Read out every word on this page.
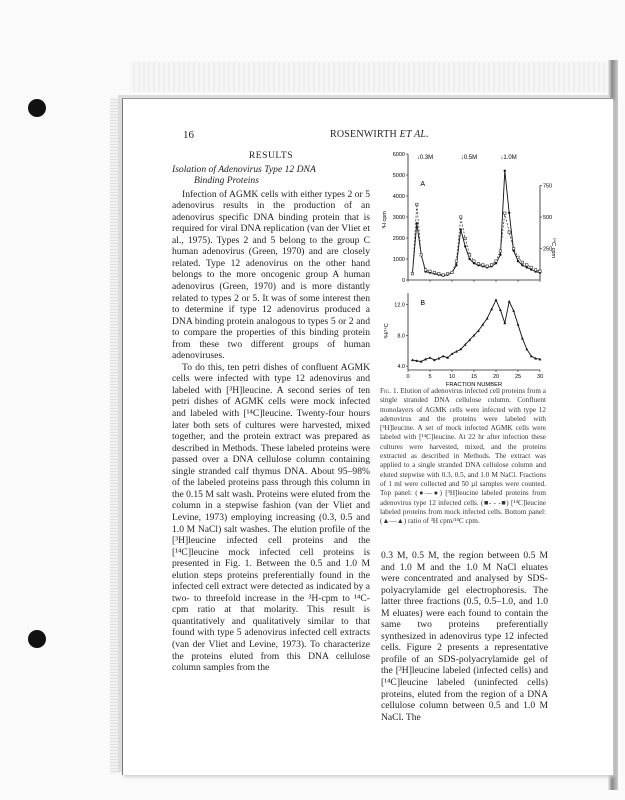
16	ROSENWIRTH ET AL.
RESULTS
Isolation of Adenovirus Type 12 DNA
Binding Proteins

Infection of AGMK cells with either types 2 or 5 adenovirus results in the production of an adenovirus specific DNA binding protein that is required for viral DNA replication (van der Vliet et al., 1975). Types 2 and 5 belong to the group C human adenovirus (Green, 1970) and are closely related. Type 12 adenovirus on the other hand belongs to the more oncogenic group A human adenovirus (Green, 1970) and is more distantly related to types 2 or 5. It was of some interest then to determine if type 12 adenovirus produced a DNA binding protein analogous to types 5 or 2 and to compare the properties of this binding protein from these two different groups of human adenoviruses.

To do this, ten petri dishes of confluent AGMK cells were infected with type 12 adenovirus and labeled with [³H]leucine. A second series of ten petri dishes of AGMK cells were mock infected and labeled with [¹⁴C]leucine. Twenty-four hours later both sets of cultures were harvested, mixed together, and the protein extract was prepared as described in Methods. These labeled proteins were passed over a DNA cellulose column containing single stranded calf thymus DNA. About 95–98% of the labeled proteins pass through this column in the 0.15 M salt wash. Proteins were eluted from the column in a stepwise fashion (van der Vliet and Levine, 1973) employing increasing (0.3, 0.5 and 1.0 M NaCl) salt washes. The elution profile of the [³H]leucine infected cell proteins and the [¹⁴C]leucine mock infected cell proteins is presented in Fig. 1. Between the 0.5 and 1.0 M elution steps proteins preferentially found in the infected cell extract were detected as indicated by a two- to threefold increase in the ³H-cpm to ¹⁴C-cpm ratio at that molarity. This result is quantitatively and qualitatively similar to that found with type 5 adenovirus infected cell extracts (van der Vliet and Levine, 1973). To characterize the proteins eluted from this DNA cellulose column samples from the

0
1000
2000
3000
4000
5000
6000
250
500
750
³H cpm
¹⁴C cpm
A
↓0.3M	↓0.5M	↓1.0M
4.0
8.0
12.0
0	5	10	15	20	25	30
³H/¹⁴C
B
FRACTION NUMBER
Fig. 1. Elution of adenovirus infected cell proteins from a single stranded DNA cellulose column. Confluent monolayers of AGMK cells were infected with type 12 adenovirus and the proteins were labeled with [³H]leucine. A set of mock infected AGMK cells were labeled with [¹⁴C]leucine. At 22 hr after infection these cultures were harvested, mixed, and the proteins extracted as described in Methods. The extract was applied to a single stranded DNA cellulose column and eluted stepwise with 0.3, 0.5, and 1.0 M NaCl. Fractions of 1 ml were collected and 50 µl samples were counted. Top panel: (●—●) [³H]leucine labeled proteins from adenovirus type 12 infected cells. (■- - -■) [¹⁴C]leucine labeled proteins from mock infected cells. Bottom panel: (▲—▲) ratio of ³H cpm/¹⁴C cpm.

0.3 M, 0.5 M, the region between 0.5 M and 1.0 M and the 1.0 M NaCl eluates were concentrated and analysed by SDS-polyacrylamide gel electrophoresis. The latter three fractions (0.5, 0.5–1.0, and 1.0 M eluates) were each found to contain the same two proteins preferentially synthesized in adenovirus type 12 infected cells. Figure 2 presents a representative profile of an SDS-polyacrylamide gel of the [³H]leucine labeled (infected cells) and [¹⁴C]leucine labeled (uninfected cells) proteins, eluted from the region of a DNA cellulose column between 0.5 and 1.0 M NaCl. The
